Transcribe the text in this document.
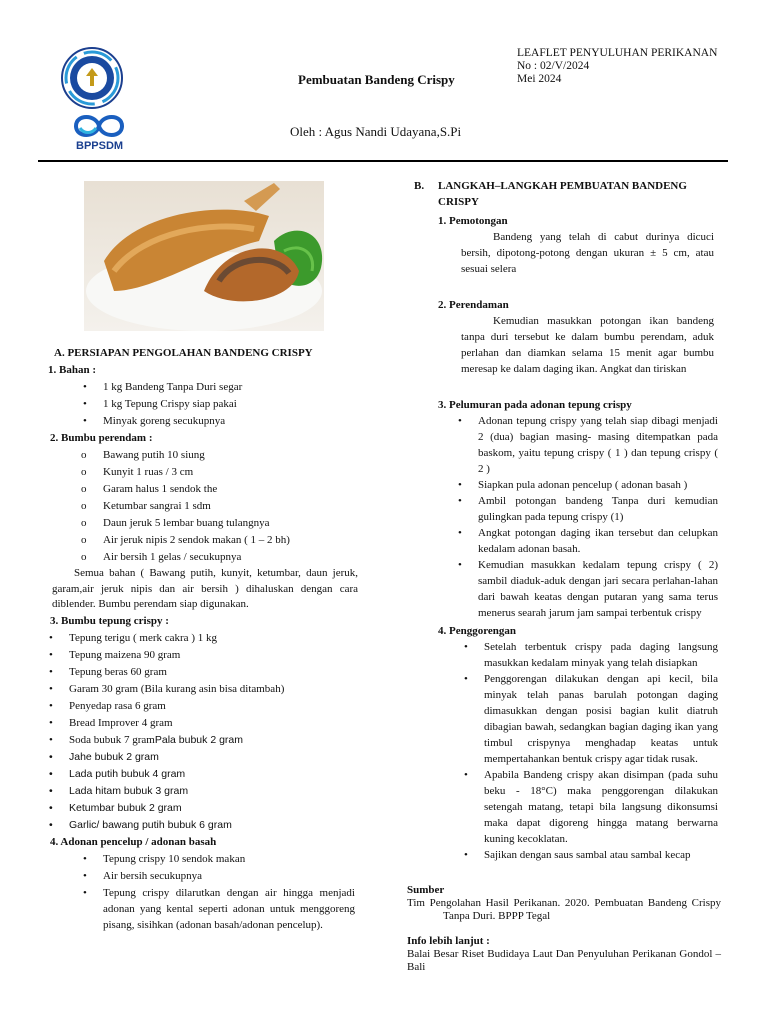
BPPSDM
Pembuatan Bandeng Crispy
Oleh : Agus Nandi Udayana,S.Pi
LEAFLET PENYULUHAN PERIKANAN
No : 02/V/2024
Mei 2024
A. PERSIAPAN PENGOLAHAN BANDENG CRISPY
1. Bahan :
• 1 kg Bandeng Tanpa Duri segar
• 1 kg Tepung Crispy siap pakai
• Minyak goreng secukupnya
2. Bumbu perendam :
o Bawang putih 10 siung
o Kunyit 1 ruas / 3 cm
o Garam halus 1 sendok the
o Ketumbar sangrai 1 sdm
o Daun jeruk 5 lembar buang tulangnya
o Air jeruk nipis 2 sendok makan ( 1 – 2 bh)
o Air bersih 1 gelas / secukupnya
Semua bahan ( Bawang putih, kunyit, ketumbar, daun jeruk, garam,air jeruk nipis dan air bersih ) dihaluskan dengan cara diblender. Bumbu perendam siap digunakan.
3. Bumbu tepung crispy :
• Tepung terigu ( merk cakra ) 1 kg
• Tepung maizena 90 gram
• Tepung beras 60 gram
• Garam 30 gram (Bila kurang asin bisa ditambah)
• Penyedap rasa 6 gram
• Bread Improver 4 gram
• Soda bubuk 7 gramPala bubuk 2 gram
• Jahe bubuk 2 gram
• Lada putih bubuk 4 gram
• Lada hitam bubuk 3 gram
• Ketumbar bubuk 2 gram
• Garlic/ bawang putih bubuk 6 gram
4. Adonan pencelup / adonan basah
• Tepung crispy 10 sendok makan
• Air bersih secukupnya
• Tepung crispy dilarutkan dengan air hingga menjadi adonan yang kental seperti adonan untuk menggoreng pisang, sisihkan (adonan basah/adonan pencelup).
B. LANGKAH–LANGKAH PEMBUATAN BANDENG CRISPY
1. Pemotongan
Bandeng yang telah di cabut durinya dicuci bersih, dipotong-potong dengan ukuran ± 5 cm, atau sesuai selera
2. Perendaman
Kemudian masukkan potongan ikan bandeng tanpa duri tersebut ke dalam bumbu perendam, aduk perlahan dan diamkan selama 15 menit agar bumbu meresap ke dalam daging ikan. Angkat dan tiriskan
3. Pelumuran pada adonan tepung crispy
• Adonan tepung crispy yang telah siap dibagi menjadi 2 (dua) bagian masing- masing ditempatkan pada baskom, yaitu tepung crispy ( 1 ) dan tepung crispy ( 2 )
• Siapkan pula adonan pencelup ( adonan basah )
• Ambil potongan bandeng Tanpa duri kemudian gulingkan pada tepung crispy (1)
• Angkat potongan daging ikan tersebut dan celupkan kedalam adonan basah.
• Kemudian masukkan kedalam tepung crispy ( 2) sambil diaduk-aduk dengan jari secara perlahan-lahan dari bawah keatas dengan putaran yang sama terus menerus searah jarum jam sampai terbentuk crispy
4. Penggorengan
• Setelah terbentuk crispy pada daging langsung masukkan kedalam minyak yang telah disiapkan
• Penggorengan dilakukan dengan api kecil, bila minyak telah panas barulah potongan daging dimasukkan dengan posisi bagian kulit diatruh dibagian bawah, sedangkan bagian daging ikan yang timbul crispynya menghadap keatas untuk mempertahankan bentuk crispy agar tidak rusak.
• Apabila Bandeng crispy akan disimpan (pada suhu beku - 18°C) maka penggorengan dilakukan setengah matang, tetapi bila langsung dikonsumsi maka dapat digoreng hingga matang berwarna kuning kecoklatan.
• Sajikan dengan saus sambal atau sambal kecap
Sumber
Tim Pengolahan Hasil Perikanan. 2020. Pembuatan Bandeng Crispy Tanpa Duri. BPPP Tegal
Info lebih lanjut :
Balai Besar Riset Budidaya Laut Dan Penyuluhan Perikanan Gondol – Bali
